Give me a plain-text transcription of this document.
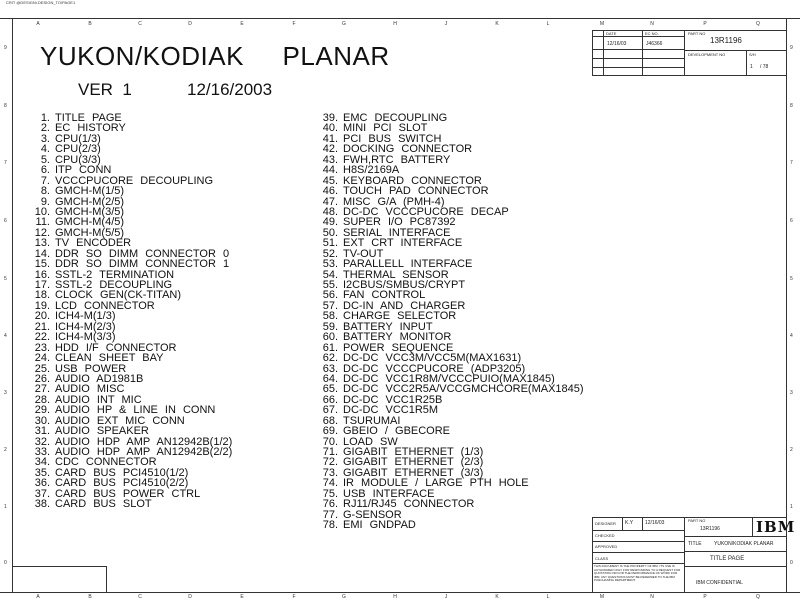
CRIT @DESIGN\.DESIGN_TO\PAGE1
A	B	C	D	E	F	G	H	J	K	L	M	N	P	Q
A	B	C	D	E	F	G	H	J	K	L	M	N	P	Q
9
8
7
6
5
4
3
2
1
0
9
8
7
6
5
4
3
2
1
0
YUKON/KODIAK     PLANAR
VER  1	12/16/2003
1. TITLE PAGE
2. EC HISTORY
3. CPU(1/3)
4. CPU(2/3)
5. CPU(3/3)
6. ITP CONN
7. VCCCPUCORE DECOUPLING
8. GMCH-M(1/5)
9. GMCH-M(2/5)
10. GMCH-M(3/5)
11. GMCH-M(4/5)
12. GMCH-M(5/5)
13. TV ENCODER
14. DDR SO DIMM CONNECTOR 0
15. DDR SO DIMM CONNECTOR 1
16. SSTL-2 TERMINATION
17. SSTL-2 DECOUPLING
18. CLOCK GEN(CK-TITAN)
19. LCD CONNECTOR
20. ICH4-M(1/3)
21. ICH4-M(2/3)
22. ICH4-M(3/3)
23. HDD I/F CONNECTOR
24. CLEAN SHEET BAY
25. USB POWER
26. AUDIO AD1981B
27. AUDIO MISC
28. AUDIO INT MIC
29. AUDIO HP & LINE IN CONN
30. AUDIO EXT MIC CONN
31. AUDIO SPEAKER
32. AUDIO HDP AMP AN12942B(1/2)
33. AUDIO HDP AMP AN12942B(2/2)
34. CDC CONNECTOR
35. CARD BUS PCI4510(1/2)
36. CARD BUS PCI4510(2/2)
37. CARD BUS POWER CTRL
38. CARD BUS SLOT
39. EMC DECOUPLING
40. MINI PCI SLOT
41. PCI BUS SWITCH
42. DOCKING CONNECTOR
43. FWH,RTC BATTERY
44. H8S/2169A
45. KEYBOARD CONNECTOR
46. TOUCH PAD CONNECTOR
47. MISC G/A (PMH-4)
48. DC-DC VCCCPUCORE DECAP
49. SUPER I/O PC87392
50. SERIAL INTERFACE
51. EXT CRT INTERFACE
52. TV-OUT
53. PARALLELL INTERFACE
54. THERMAL SENSOR
55. I2CBUS/SMBUS/CRYPT
56. FAN CONTROL
57. DC-IN AND CHARGER
58. CHARGE SELECTOR
59. BATTERY INPUT
60. BATTERY MONITOR
61. POWER SEQUENCE
62. DC-DC VCC3M/VCC5M(MAX1631)
63. DC-DC VCCCPUCORE (ADP3205)
64. DC-DC VCC1R8M/VCCCPUIO(MAX1845)
65. DC-DC VCC2R5A/VCCGMCHCORE(MAX1845)
66. DC-DC VCC1R25B
67. DC-DC VCC1R5M
68. TSURUMAI
69. GBEIO / GBECORE
70. LOAD SW
71. GIGABIT ETHERNET (1/3)
72. GIGABIT ETHERNET (2/3)
73. GIGABIT ETHERNET (3/3)
74. IR MODULE / LARGE PTH HOLE
75. USB INTERFACE
76. RJ11/RJ45 CONNECTOR
77. G-SENSOR
78. EMI GNDPAD
DATE	EC NO.
12/16/03	J46366
PART NO
13R1196
DEVELOPMENT NO	S/H
1 / 78
DESIGNER K.Y 12/16/03
CHECKED
APPROVED
CLASS
THIS DOCUMENT IS THE PROPERTY OF IBM. ITS USE IS AUTHORIZED ONLY FOR RESPONDING TO A REQUEST FOR QUOTATION OR FOR THE PERFORMANCE OF WORK FOR IBM. ANY QUESTIONS MUST BE REFERRED TO THE IBM PURCHASING DEPARTMENT.
PART NO
13R1196 IBM
TITLE YUKON/KODIAK PLANAR
TITLE PAGE
IBM CONFIDENTIAL
